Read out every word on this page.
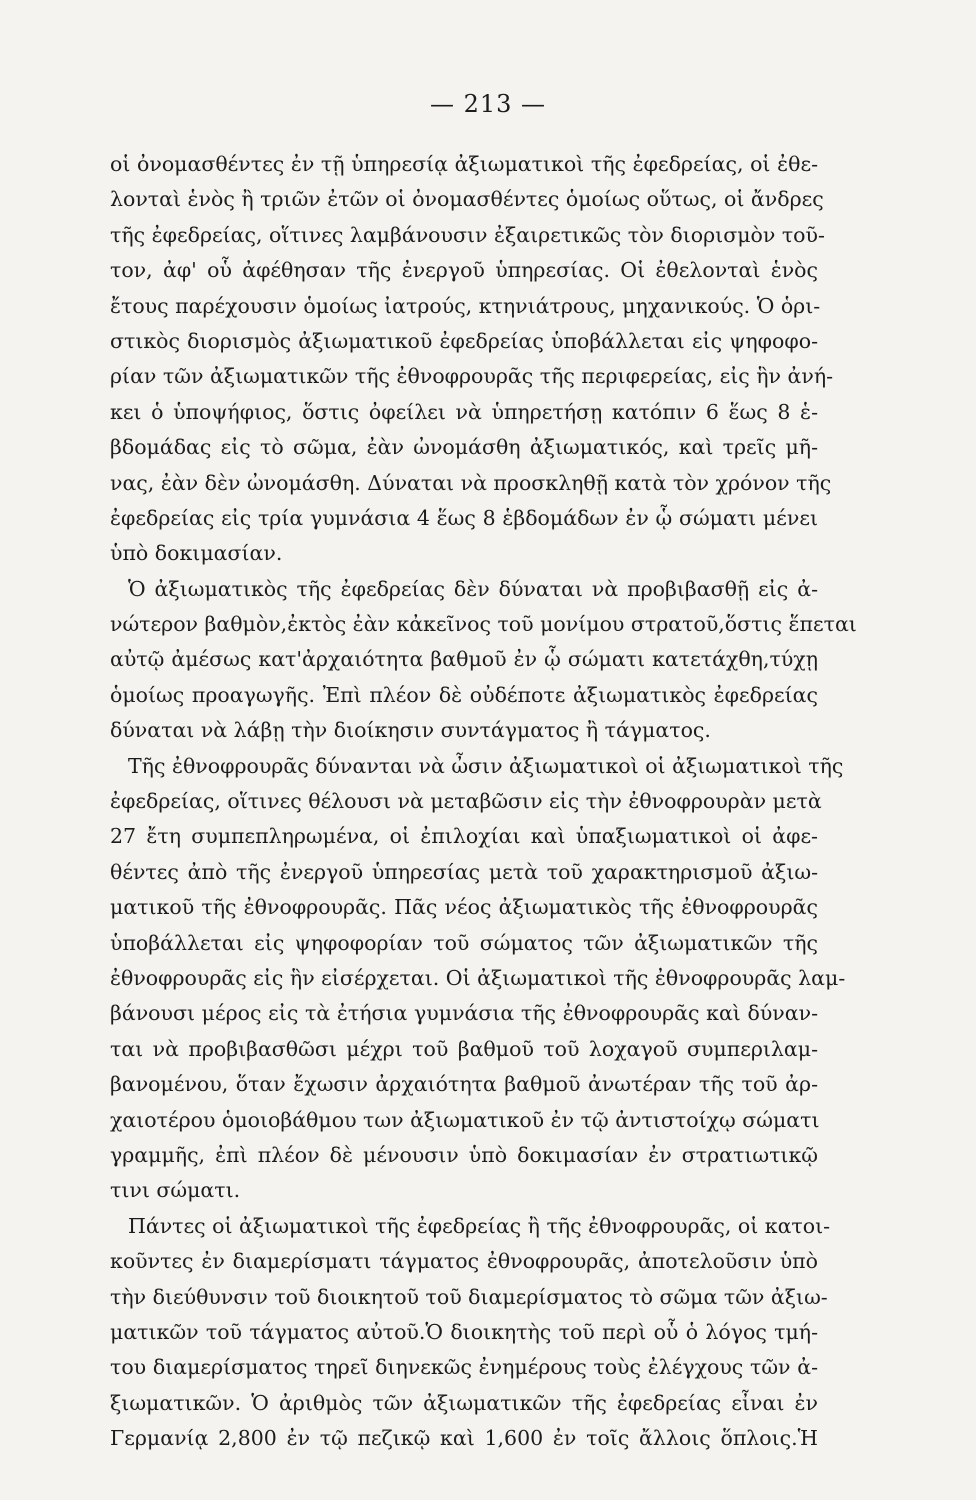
— 213 —
οἱ ὀνομασθέντες ἐν τῇ ὑπηρεσίᾳ ἀξιωματικοὶ τῆς ἐφεδρείας, οἱ ἐθε-
λονταὶ ἑνὸς ἢ τριῶν ἐτῶν οἱ ὀνομασθέντες ὁμοίως οὕτως, οἱ ἄνδρες
τῆς ἐφεδρείας, οἵτινες λαμβάνουσιν ἐξαιρετικῶς τὸν διορισμὸν τοῦ-
τον, ἀφ' οὗ ἀφέθησαν τῆς ἐνεργοῦ ὑπηρεσίας. Οἱ ἐθελονταὶ ἑνὸς
ἔτους παρέχουσιν ὁμοίως ἰατρούς, κτηνιάτρους, μηχανικούς. Ὁ ὁρι-
στικὸς διορισμὸς ἀξιωματικοῦ ἐφεδρείας ὑποβάλλεται εἰς ψηφοφο-
ρίαν τῶν ἀξιωματικῶν τῆς ἐθνοφρουρᾶς τῆς περιφερείας, εἰς ἣν ἀνή-
κει ὁ ὑποψήφιος, ὅστις ὀφείλει νὰ ὑπηρετήσῃ κατόπιν 6 ἕως 8 ἑ-
βδομάδας εἰς τὸ σῶμα, ἐὰν ὠνομάσθη ἀξιωματικός, καὶ τρεῖς μῆ-
νας, ἐὰν δὲν ὠνομάσθη. Δύναται νὰ προσκληθῇ κατὰ τὸν χρόνον τῆς
ἐφεδρείας εἰς τρία γυμνάσια 4 ἕως 8 ἑβδομάδων ἐν ᾧ σώματι μένει
ὑπὸ δοκιμασίαν.
Ὁ ἀξιωματικὸς τῆς ἐφεδρείας δὲν δύναται νὰ προβιβασθῇ εἰς ἀ-
νώτερον βαθμὸν,ἐκτὸς ἐὰν κἀκεῖνος τοῦ μονίμου στρατοῦ,ὅστις ἕπεται
αὐτῷ ἀμέσως κατ'ἀρχαιότητα βαθμοῦ ἐν ᾧ σώματι κατετάχθη,τύχῃ
ὁμοίως προαγωγῆς. Ἐπὶ πλέον δὲ οὐδέποτε ἀξιωματικὸς ἐφεδρείας
δύναται νὰ λάβῃ τὴν διοίκησιν συντάγματος ἢ τάγματος.
Τῆς ἐθνοφρουρᾶς δύνανται νὰ ὦσιν ἀξιωματικοὶ οἱ ἀξιωματικοὶ τῆς
ἐφεδρείας, οἵτινες θέλουσι νὰ μεταβῶσιν εἰς τὴν ἐθνοφρουρὰν μετὰ
27 ἔτη συμπεπληρωμένα, οἱ ἐπιλοχίαι καὶ ὑπαξιωματικοὶ οἱ ἀφε-
θέντες ἀπὸ τῆς ἐνεργοῦ ὑπηρεσίας μετὰ τοῦ χαρακτηρισμοῦ ἀξιω-
ματικοῦ τῆς ἐθνοφρουρᾶς. Πᾶς νέος ἀξιωματικὸς τῆς ἐθνοφρουρᾶς
ὑποβάλλεται εἰς ψηφοφορίαν τοῦ σώματος τῶν ἀξιωματικῶν τῆς
ἐθνοφρουρᾶς εἰς ἣν εἰσέρχεται. Οἱ ἀξιωματικοὶ τῆς ἐθνοφρουρᾶς λαμ-
βάνουσι μέρος εἰς τὰ ἐτήσια γυμνάσια τῆς ἐθνοφρουρᾶς καὶ δύναν-
ται νὰ προβιβασθῶσι μέχρι τοῦ βαθμοῦ τοῦ λοχαγοῦ συμπεριλαμ-
βανομένου, ὅταν ἔχωσιν ἀρχαιότητα βαθμοῦ ἀνωτέραν τῆς τοῦ ἀρ-
χαιοτέρου ὁμοιοβάθμου των ἀξιωματικοῦ ἐν τῷ ἀντιστοίχῳ σώματι
γραμμῆς, ἐπὶ πλέον δὲ μένουσιν ὑπὸ δοκιμασίαν ἐν στρατιωτικῷ
τινι σώματι.
Πάντες οἱ ἀξιωματικοὶ τῆς ἐφεδρείας ἢ τῆς ἐθνοφρουρᾶς, οἱ κατοι-
κοῦντες ἐν διαμερίσματι τάγματος ἐθνοφρουρᾶς, ἀποτελοῦσιν ὑπὸ
τὴν διεύθυνσιν τοῦ διοικητοῦ τοῦ διαμερίσματος τὸ σῶμα τῶν ἀξιω-
ματικῶν τοῦ τάγματος αὐτοῦ.Ὁ διοικητὴς τοῦ περὶ οὗ ὁ λόγος τμή-
του διαμερίσματος τηρεῖ διηνεκῶς ἐνημέρους τοὺς ἐλέγχους τῶν ἀ-
ξιωματικῶν. Ὁ ἀριθμὸς τῶν ἀξιωματικῶν τῆς ἐφεδρείας εἶναι ἐν
Γερμανίᾳ 2,800 ἐν τῷ πεζικῷ καὶ 1,600 ἐν τοῖς ἄλλοις ὅπλοις.Ἡ
